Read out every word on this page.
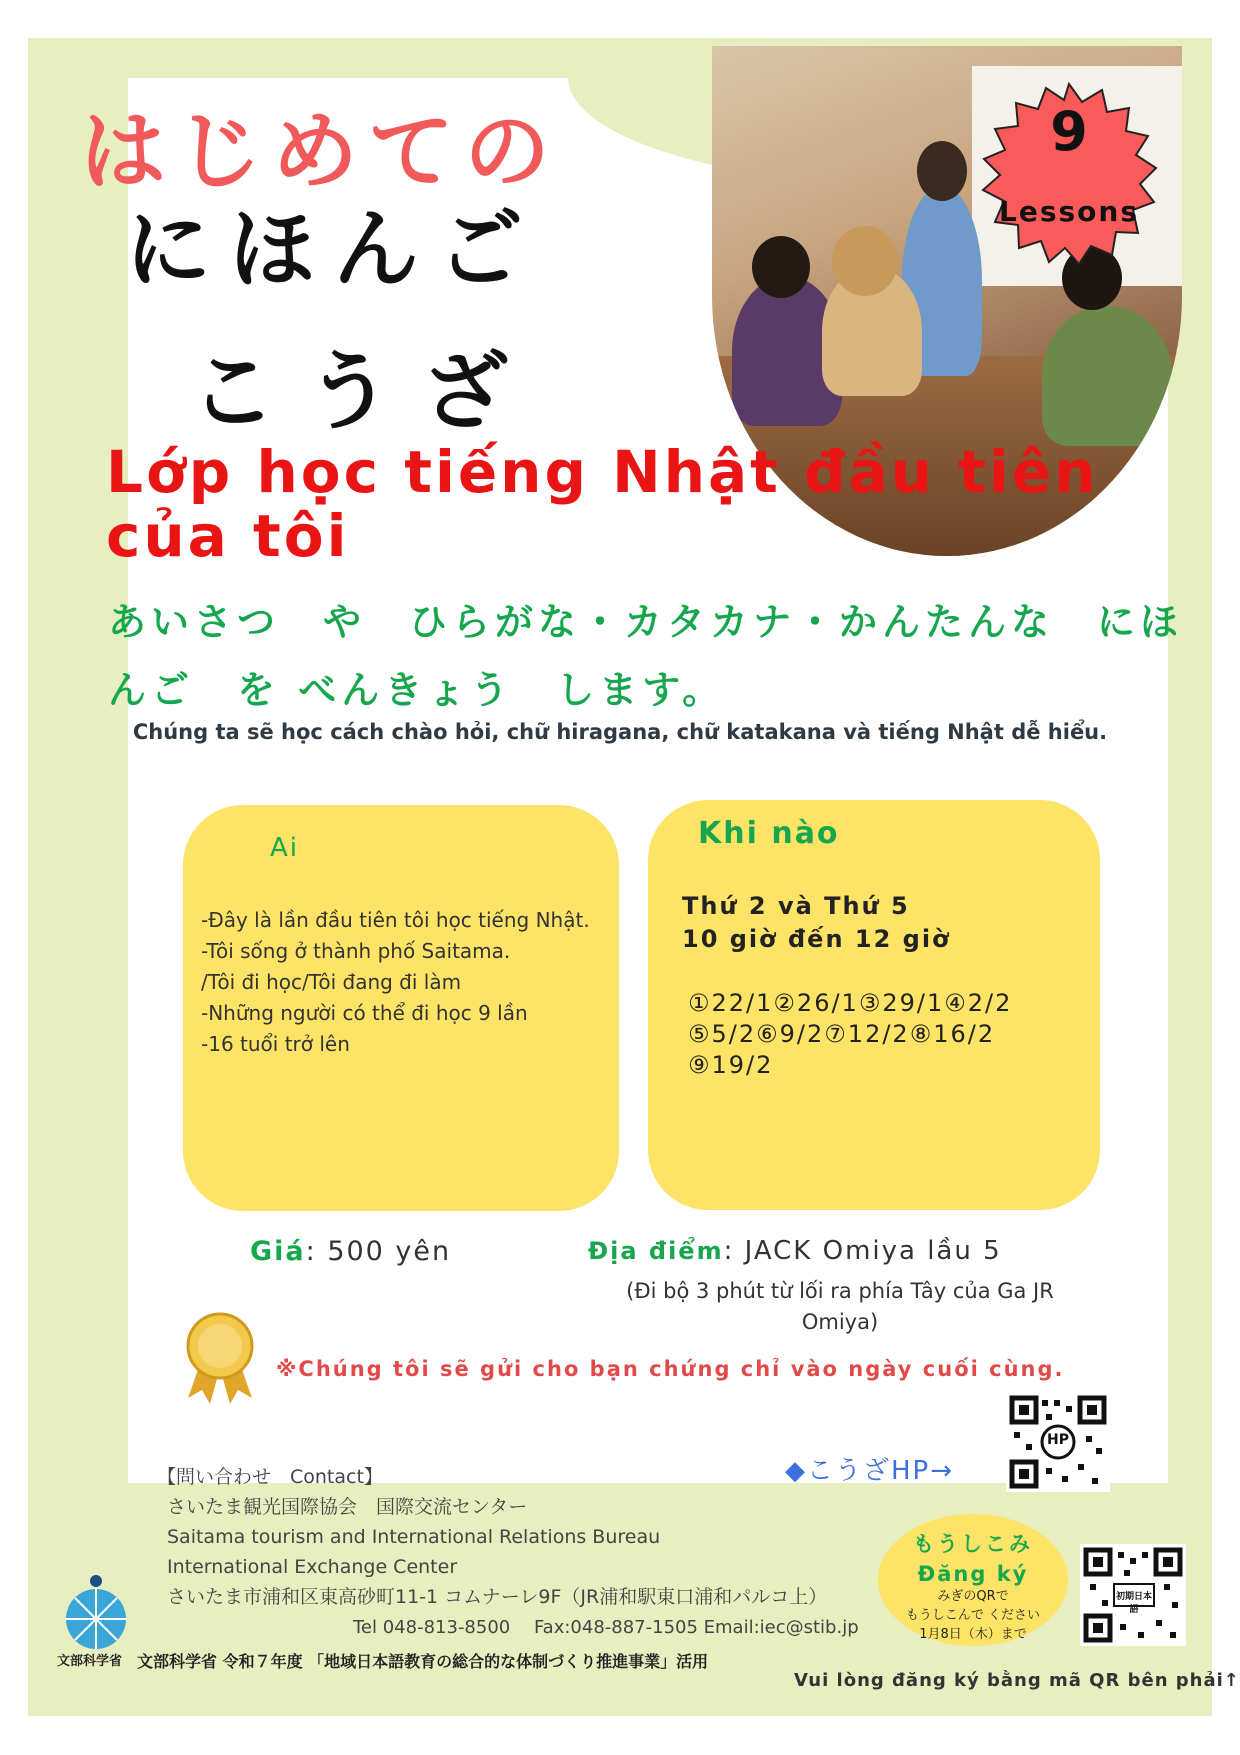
はじめての
にほんご
こうざ
9
Lessons
Lớp học tiếng Nhật đầu tiên của tôi
あいさつ　や　ひらがな・カタカナ・かんたんな　にほんご　を べんきょう　します。
Chúng ta sẽ học cách chào hỏi, chữ hiragana, chữ katakana và tiếng Nhật dễ hiểu.
Ai
-Đây là lần đầu tiên tôi học tiếng Nhật.
-Tôi sống ở thành phố Saitama.
/Tôi đi học/Tôi đang đi làm
-Những người có thể đi học 9 lần
-16 tuổi trở lên
Khi nào
Thứ 2 và Thứ 5
10 giờ đến 12 giờ
①22/1②26/1③29/1④2/2
⑤5/2⑥9/2⑦12/2⑧16/2
⑨19/2
Giá: 500 yên	Địa điểm: JACK Omiya lầu 5
(Đi bộ 3 phút từ lối ra phía Tây của Ga JR Omiya)
※Chúng tôi sẽ gửi cho bạn chứng chỉ vào ngày cuối cùng.
◆こうざHP→
HP
【問い合わせ　Contact】
さいたま観光国際協会　国際交流センター
Saitama tourism and International Relations Bureau
International Exchange Center
さいたま市浦和区東高砂町11-1 コムナーレ9F（JR浦和駅東口浦和パルコ上）
Tel 048-813-8500　 Fax:048-887-1505 Email:iec@stib.jp
文部科学省 文部科学省 令和７年度 「地域日本語教育の総合的な体制づくり推進事業」活用
もうしこみ
Đăng ký
みぎのQRで
もうしこんで ください
1月8日（木）まで
初期日本語
Vui lòng đăng ký bằng mã QR bên phải↑
